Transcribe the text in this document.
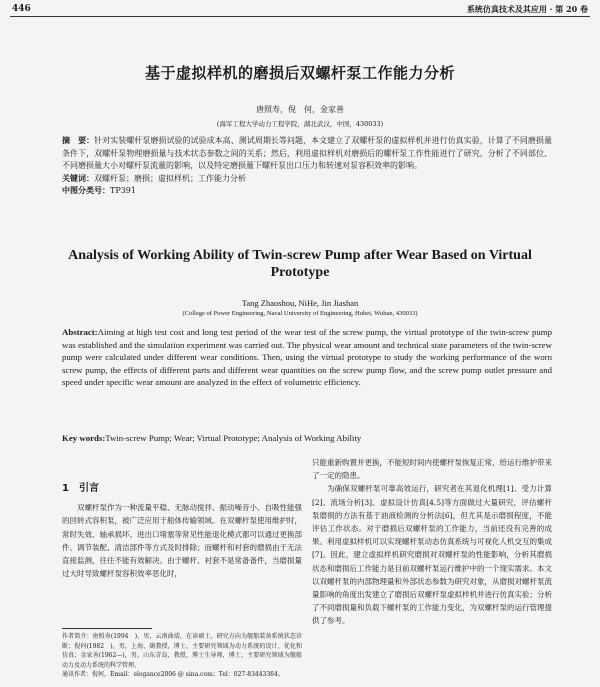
446	系统仿真技术及其应用 · 第 20 卷
基于虚拟样机的磨损后双螺杆泵工作能力分析
唐照寿，倪　何，金家善
(海军工程大学动力工程学院，湖北武汉，中国，430033)
摘　要：针对实装螺杆泵磨损试验的试验成本高、测试周期长等问题，本文建立了双螺杆泵的虚拟样机并进行仿真实验，计算了不同磨损量条件下，双螺杆泵物理磨损量与技术状态参数之间的关系；然后，利用虚拟样机对磨损后的螺杆泵工作性能进行了研究，分析了不同部位、不同磨损量大小对螺杆泵流量的影响，以及特定磨损量下螺杆泵出口压力和转速对泵容积效率的影响。
关键词：双螺杆泵；磨损；虚拟样机；工作能力分析
中图分类号：TP391
Analysis of Working Ability of Twin-screw Pump after Wear Based on Virtual Prototype
Tang Zhaoshou, NiHe, Jin Jiashan
(College of Power Engineering, Naval University of Engineering, Hubei, Wuhan, 430033)
Abstract:Aiming at high test cost and long test period of the wear test of the screw pump, the virtual prototype of the twin-screw pump was established and the simulation experiment was carried out. The physical wear amount and technical state parameters of the twin-screw pump were calculated under different wear conditions. Then, using the virtual prototype to study the working performance of the worn screw pump, the effects of different parts and different wear quantities on the screw pump flow, and the screw pump outlet pressure and speed under specific wear amount are analyzed in the effect of volumetric efficiency.
Key words:Twin-screw Pump; Wear; Virtual Prototype; Analysis of Working Ability
1　引言

双螺杆泵作为一种流量平稳、无脉动搅拌、振动噪音小、自吸性能强的回转式容积泵，被广泛应用于船体传输领域。在双螺杆泵使用维护时，常时失效、轴承损坏、进出口堵塞等常见性能退化模式都可以通过更换部件、调节装配、清洁部件等方式及时排除；而螺杆和衬套的磨损由于无法直接监测，往往不能有效解决。由于螺杆、衬套不是常备备件，当磨损量过大时导致螺杆泵容积效率恶化时，

只能重新购置并更换，不能短时间内使螺杆泵恢复正常，给运行维护带来了一定的隐患。

为确保双螺杆泵可靠高效运行，研究者在其退化机理[1]、受力计算[2]、流场分析[3]、虚拟设计仿真[4,5]等方面做过大量研究，评估螺杆泵磨损的方法有基于油液检测的分析法[6]，但尤其是示磨损程度，不能评估工作状态。对于磨损后双螺杆泵的工作能力，当前还没有完善的成果。利用虚拟样机可以实现螺杆泵动态仿真系统与可视化人机交互的集成[7]。因此，建立虚拟样机研究磨损对双螺杆泵的性能影响，分析其磨损状态和磨损后工作能力是目前双螺杆泵运行维护中的一个现实需求。本文以双螺杆泵的内部物理量和外部状态参数为研究对象，从磨损对螺杆泵流量影响的角度出发建立了磨损后双螺杆泵虚拟样机并进行仿真实验；分析了不同磨损量和负载下螺杆泵的工作能力变化，为双螺杆泵的运行管理提供了参考。

作者简介：唐照寿(1994　)，男，云南曲靖，在读硕士，研究方向为舰船装备系统状态诊断；倪何(1982　)，男，上海，副教授，博士，主要研究领域为动力系统的设计、优化和仿真；金家善(1962—)，男，山东青岛，教授，博士生导师，博士，主要研究领域为舰船动力及动力系统的科学管理。
通讯作者：倪何，Email：elegance2006 @ sina.com；Tel：027-83443364。
